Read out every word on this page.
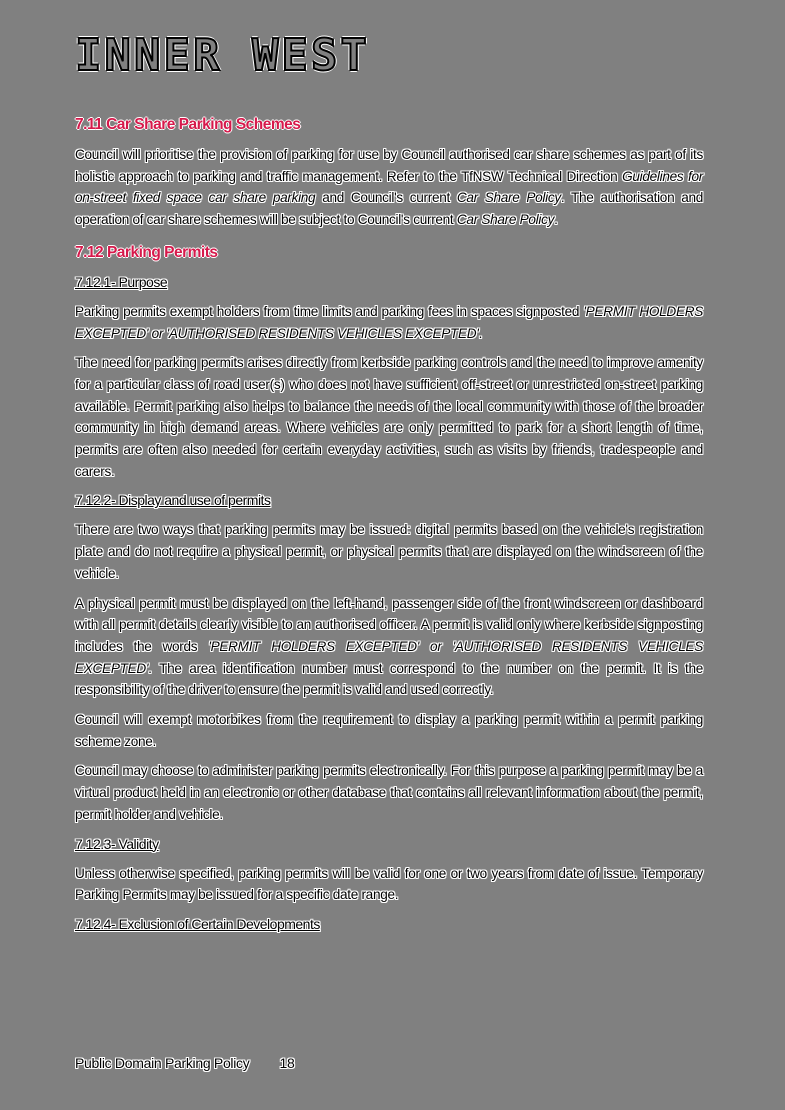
INNER WEST
7.11 Car Share Parking Schemes

Council will prioritise the provision of parking for use by Council authorised car share schemes as part of its holistic approach to parking and traffic management. Refer to the TfNSW Technical Direction Guidelines for on-street fixed space car share parking and Council's current Car Share Policy. The authorisation and operation of car share schemes will be subject to Council's current Car Share Policy.

7.12 Parking Permits
7.12.1- Purpose

Parking permits exempt holders from time limits and parking fees in spaces signposted 'PERMIT HOLDERS EXCEPTED' or 'AUTHORISED RESIDENTS VEHICLES EXCEPTED'.

The need for parking permits arises directly from kerbside parking controls and the need to improve amenity for a particular class of road user(s) who does not have sufficient off-street or unrestricted on-street parking available. Permit parking also helps to balance the needs of the local community with those of the broader community in high demand areas. Where vehicles are only permitted to park for a short length of time, permits are often also needed for certain everyday activities, such as visits by friends, tradespeople and carers.

7.12.2- Display and use of permits

There are two ways that parking permits may be issued: digital permits based on the vehicle's registration plate and do not require a physical permit, or physical permits that are displayed on the windscreen of the vehicle.

A physical permit must be displayed on the left-hand, passenger side of the front windscreen or dashboard with all permit details clearly visible to an authorised officer. A permit is valid only where kerbside signposting includes the words 'PERMIT HOLDERS EXCEPTED' or 'AUTHORISED RESIDENTS VEHICLES EXCEPTED'. The area identification number must correspond to the number on the permit. It is the responsibility of the driver to ensure the permit is valid and used correctly.

Council will exempt motorbikes from the requirement to display a parking permit within a permit parking scheme zone.

Council may choose to administer parking permits electronically. For this purpose a parking permit may be a virtual product held in an electronic or other database that contains all relevant information about the permit, permit holder and vehicle.

7.12.3- Validity

Unless otherwise specified, parking permits will be valid for one or two years from date of issue. Temporary Parking Permits may be issued for a specific date range.

7.12.4- Exclusion of Certain Developments
Public Domain Parking Policy 18
